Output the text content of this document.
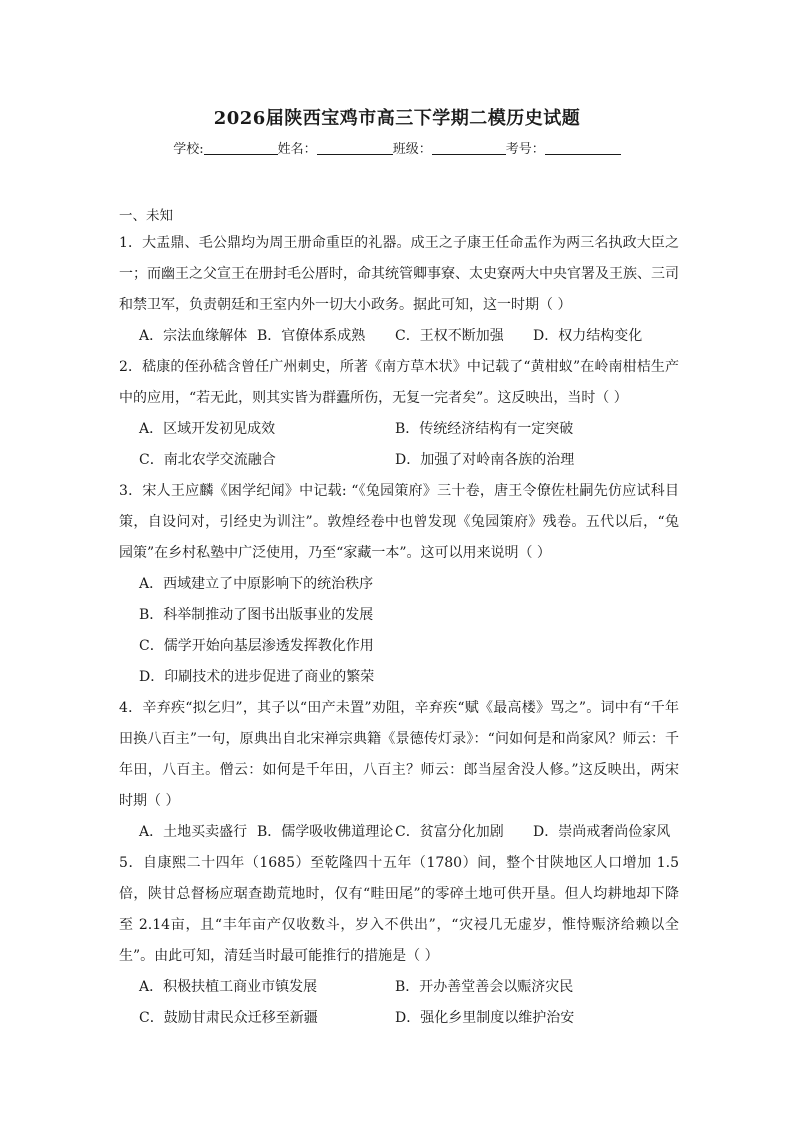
2026届陕西宝鸡市高三下学期二模历史试题
学校:	姓名：	班级：	考号：
一、未知

1．大盂鼎、毛公鼎均为周王册命重臣的礼器。成王之子康王任命盂作为两三名执政大臣之一；而幽王之父宣王在册封毛公厝时，命其统管卿事寮、太史寮两大中央官署及王族、三司和禁卫军，负责朝廷和王室内外一切大小政务。据此可知，这一时期（ ）

A．宗法血缘解体 B．官僚体系成熟	C．王权不断加强	D．权力结构变化

2．嵇康的侄孙嵇含曾任广州刺史，所著《南方草木状》中记载了“黄柑蚁”在岭南柑桔生产中的应用，“若无此，则其实皆为群蠹所伤，无复一完者矣”。这反映出，当时（ ）

A．区域开发初见成效	B．传统经济结构有一定突破
C．南北农学交流融合	D．加强了对岭南各族的治理

3．宋人王应麟《困学纪闻》中记载: “《兔园策府》三十卷，唐王令僚佐杜嗣先仿应试科目策，自设问对，引经史为训注”。敦煌经卷中也曾发现《兔园策府》残卷。五代以后，“兔园策”在乡村私塾中广泛使用，乃至“家藏一本”。这可以用来说明（ ）

A．西域建立了中原影响下的统治秩序
B．科举制推动了图书出版事业的发展
C．儒学开始向基层渗透发挥教化作用
D．印刷技术的进步促进了商业的繁荣

4．辛弃疾“拟乞归”，其子以“田产未置”劝阻，辛弃疾“赋《最高楼》骂之”。词中有“千年田换八百主”一句，原典出自北宋禅宗典籍《景德传灯录》：“问如何是和尚家风？师云：千年田，八百主。僧云：如何是千年田，八百主？师云：郎当屋舍没人修。”这反映出，两宋时期（ ）

A．土地买卖盛行 B．儒学吸收佛道理论 C．贫富分化加剧	D．崇尚戒奢尚俭家风

5．自康熙二十四年（1685）至乾隆四十五年（1780）间，整个甘陕地区人口增加 1.5 倍，陕甘总督杨应琚查勘荒地时，仅有“畦田尾”的零碎土地可供开垦。但人均耕地却下降至 2.14亩，且“丰年亩产仅收数斗，岁入不供出”，“灾祲几无虚岁，惟恃赈济给赖以全生”。由此可知，清廷当时最可能推行的措施是（ ）

A．积极扶植工商业市镇发展	B．开办善堂善会以赈济灾民
C．鼓励甘肃民众迁移至新疆	D．强化乡里制度以维护治安
